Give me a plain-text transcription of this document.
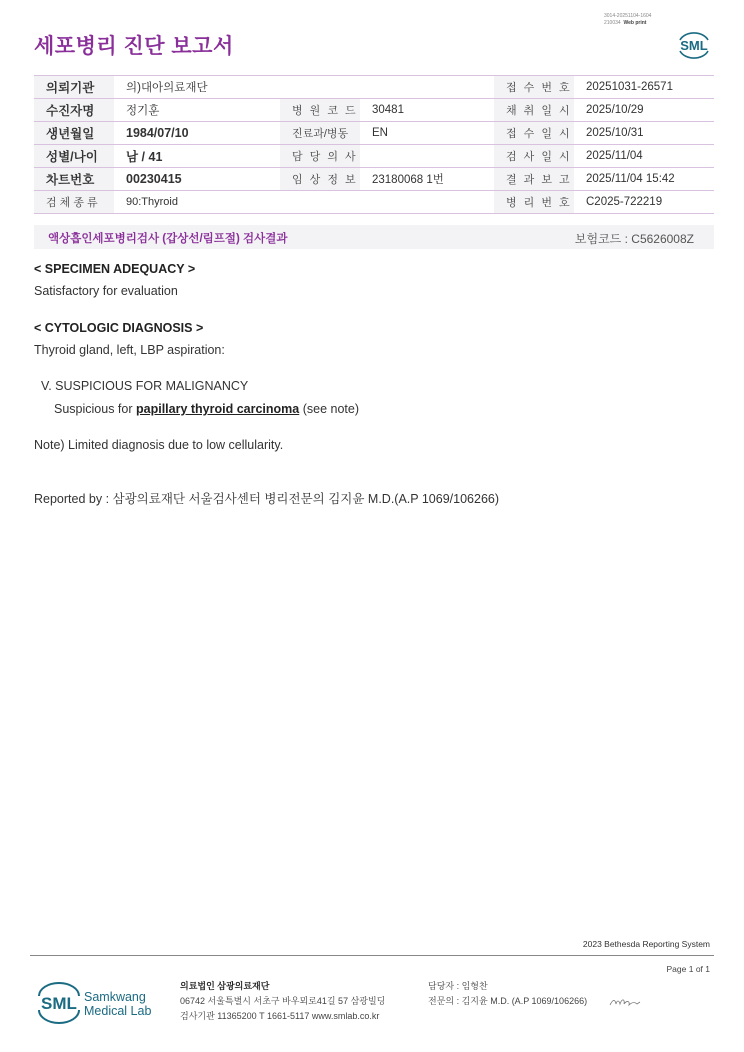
세포병리 진단 보고서
3014-20251104-1604
210034 Web print
SML
의뢰기관	의)대아의료재단			접 수 번 호	20251031-26571
수진자명	정기훈	병 원 코 드	30481	채 취 일 시	2025/10/29
생년월일	1984/07/10	진료과/병동	EN	접 수 일 시	2025/10/31
성별/나이	남 / 41	담 당 의 사		검 사 일 시	2025/11/04
차트번호	00230415	임 상 정 보	23180068 1번	결 과 보 고	2025/11/04 15:42
검 체 종 류	90:Thyroid			병 리 번 호	C2025-722219
액상흡인세포병리검사 (갑상선/림프절) 검사결과	보험코드 : C5626008Z
< SPECIMEN ADEQUACY >
Satisfactory for evaluation
< CYTOLOGIC DIAGNOSIS >
Thyroid gland, left, LBP aspiration:
V. SUSPICIOUS FOR MALIGNANCY
Suspicious for papillary thyroid carcinoma (see note)
Note) Limited diagnosis due to low cellularity.
Reported by : 삼광의료재단 서울검사센터 병리전문의 김지윤 M.D.(A.P 1069/106266)
2023 Bethesda Reporting System
Page 1 of 1
SML Samkwang
Medical Lab
의료법인 삼광의료재단
06742 서울특별시 서초구 바우뫼로41길 57 삼광빌딩
검사기관 11365200 T 1661-5117 www.smlab.co.kr
담당자 : 임형찬
전문의 : 김지윤 M.D. (A.P 1069/106266)
